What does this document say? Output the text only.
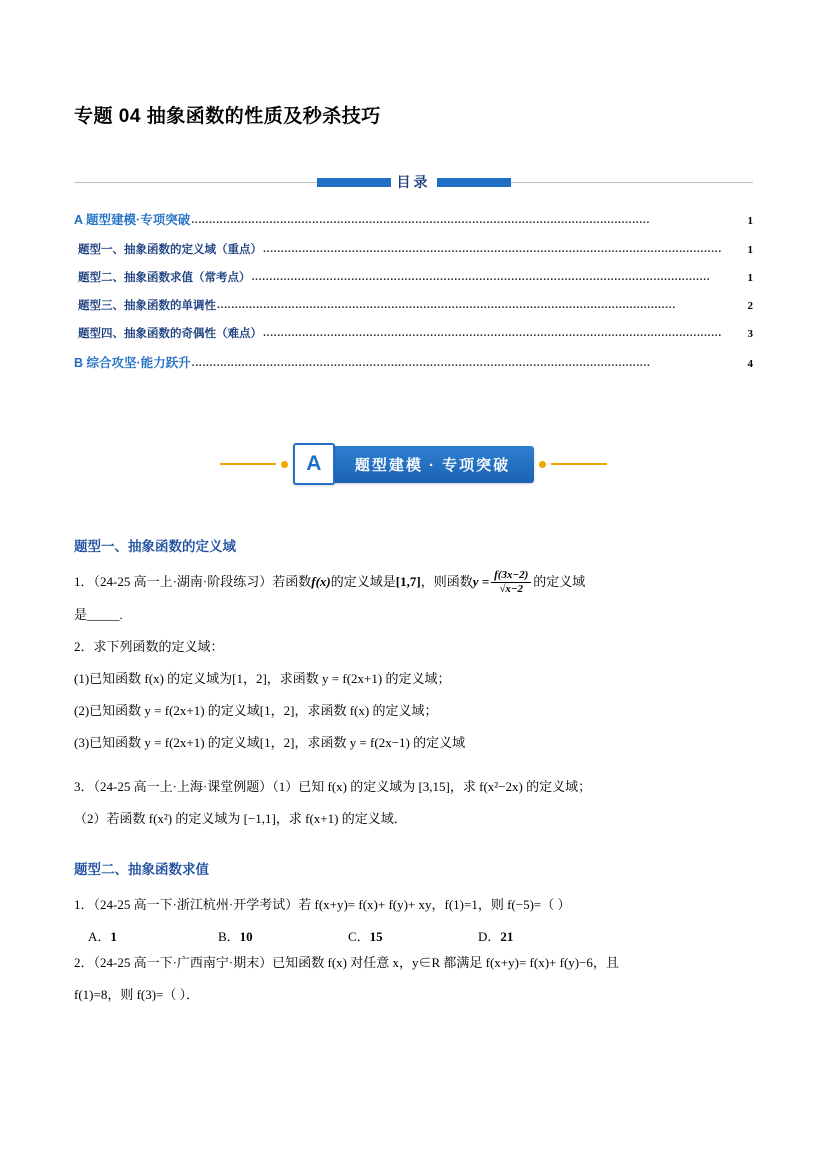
专题 04 抽象函数的性质及秒杀技巧
目录
A 题型建模·专项突破 .................................................................................................................................	1
题型一、抽象函数的定义域（重点） .................................................................................................................................	1
题型二、抽象函数求值（常考点） .................................................................................................................................	1
题型三、抽象函数的单调性 .................................................................................................................................	2
题型四、抽象函数的奇偶性（难点） .................................................................................................................................	3
B 综合攻坚·能力跃升 .................................................................................................................................	4
A	题型建模 · 专项突破
题型一、抽象函数的定义域
1．（24-25 高一上·湖南·阶段练习）若函数f(x)的定义域是[1,7]，则函数$y = \frac{f(3x-2)}{√x-2}$ 的定义域
是_____.
2．求下列函数的定义域：
(1)已知函数 f(x) 的定义域为[1，2]，求函数 y = f(2x+1) 的定义域；
(2)已知函数 y = f(2x+1) 的定义域[1，2]，求函数 f(x) 的定义域；
(3)已知函数 y = f(2x+1) 的定义域[1，2]，求函数 y = f(2x−1) 的定义域
3．（24-25 高一上·上海·课堂例题）（1）已知 f(x) 的定义域为 [3,15]，求 f(x²−2x) 的定义域；
（2）若函数 f(x²) 的定义域为 [−1,1]，求 f(x+1) 的定义域．
题型二、抽象函数求值
1．（24-25 高一下·浙江杭州·开学考试）若 f(x+y)= f(x)+ f(y)+ xy，f(1)=1，则 f(−5)=（ ）
A．1	B．10	C．15	D．21
2．（24-25 高一下·广西南宁·期末）已知函数 f(x) 对任意 x，y∈R 都满足 f(x+y)= f(x)+ f(y)−6，且
f(1)=8，则 f(3)=（ ）．
